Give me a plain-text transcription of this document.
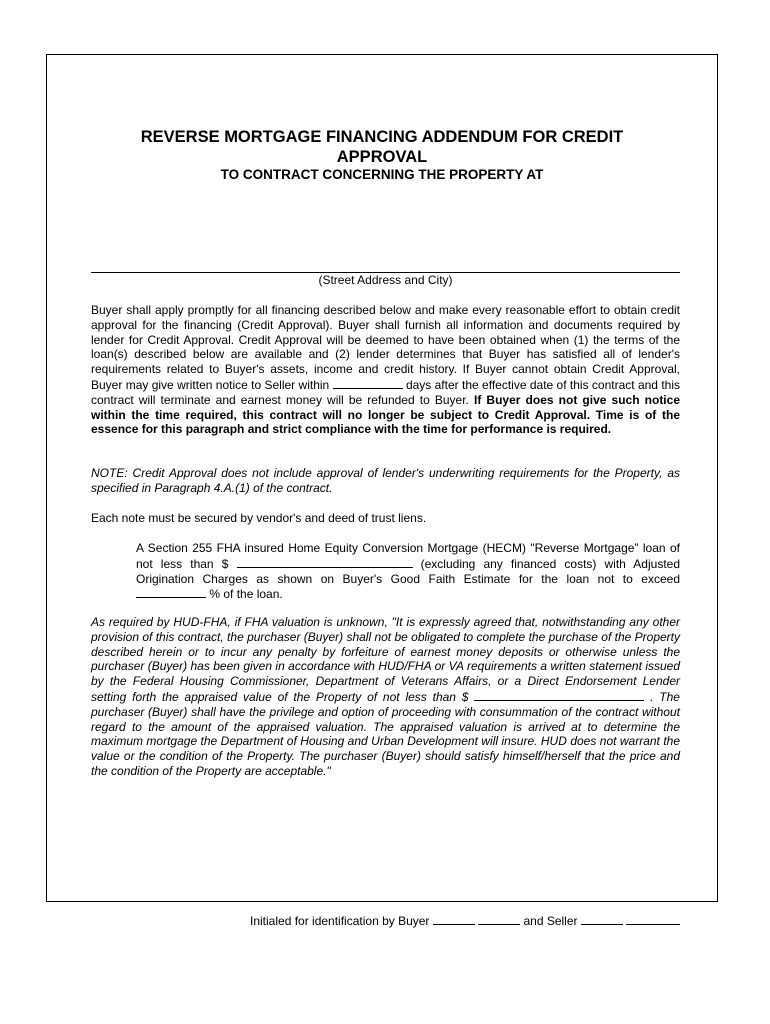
REVERSE MORTGAGE FINANCING ADDENDUM FOR CREDIT
APPROVAL
TO CONTRACT CONCERNING THE PROPERTY AT
(Street Address and City)

Buyer shall apply promptly for all financing described below and make every reasonable effort to obtain credit approval for the financing (Credit Approval). Buyer shall furnish all information and documents required by lender for Credit Approval. Credit Approval will be deemed to have been obtained when (1) the terms of the loan(s) described below are available and (2) lender determines that Buyer has satisfied all of lender's requirements related to Buyer's assets, income and credit history. If Buyer cannot obtain Credit Approval, Buyer may give written notice to Seller within	days after the effective date of this contract and this contract will terminate and earnest money will be refunded to Buyer. If Buyer does not give such notice within the time required, this contract will no longer be subject to Credit Approval. Time is of the essence for this paragraph and strict compliance with the time for performance is required.

NOTE: Credit Approval does not include approval of lender's underwriting requirements for the Property, as specified in Paragraph 4.A.(1) of the contract.

Each note must be secured by vendor's and deed of trust liens.

A Section 255 FHA insured Home Equity Conversion Mortgage (HECM) "Reverse Mortgage” loan of not less than $	(excluding any financed costs) with Adjusted Origination Charges as shown on Buyer's Good Faith Estimate for the loan not to exceed  % of the loan.

As required by HUD-FHA, if FHA valuation is unknown, "It is expressly agreed that, notwithstanding any other provision of this contract, the purchaser (Buyer) shall not be obligated to complete the purchase of the Property described herein or to incur any penalty by forfeiture of earnest money deposits or otherwise unless the purchaser (Buyer) has been given in accordance with HUD/FHA or VA requirements a written statement issued by the Federal Housing Commissioner, Department of Veterans Affairs, or a Direct Endorsement Lender setting forth the appraised value of the Property of not less than $	. The purchaser (Buyer) shall have the privilege and option of proceeding with consummation of the contract without regard to the amount of the appraised valuation. The appraised valuation is arrived at to determine the maximum mortgage the Department of Housing and Urban Development will insure. HUD does not warrant the value or the condition of the Property. The purchaser (Buyer) should satisfy himself/herself that the price and the condition of the Property are acceptable."

Initialed for identification by Buyer	and Seller
